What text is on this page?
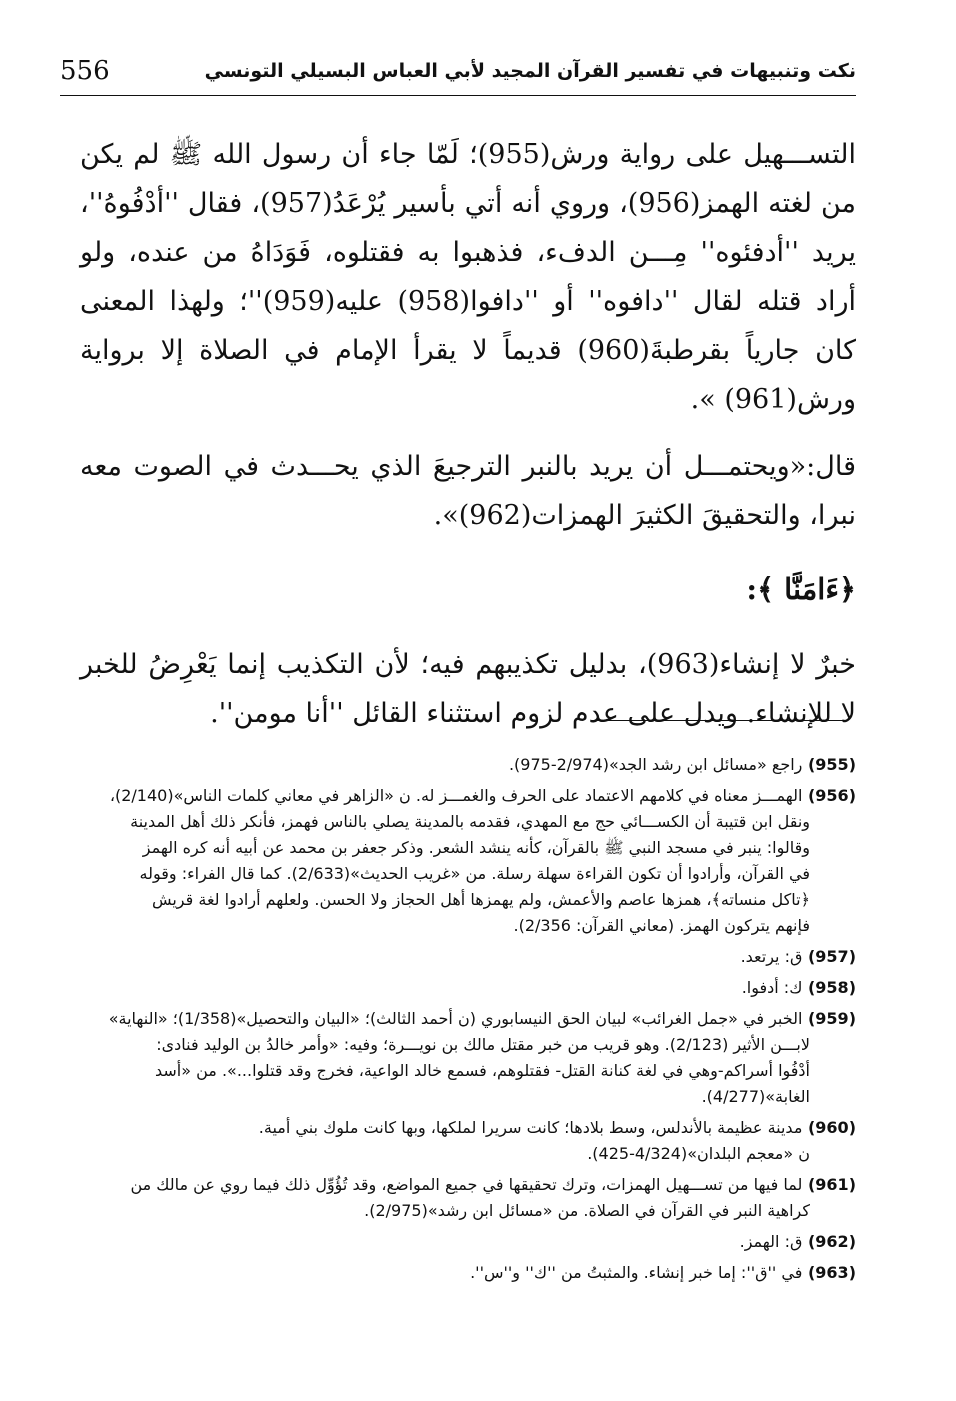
556	نكت وتنبيهات في تفسير القرآن المجيد لأبي العباس البسيلي التونسي

التســـهيل على رواية ورش(955)؛ لَمّا جاء أن رسول الله ﷺ لم يكن من لغته الهمز(956)، وروي أنه أتي بأسير يُرْعَدُ(957)، فقال ''أدْفُوهُ''، يريد ''أدفئوه'' مِـــن الدفء، فذهبوا به فقتلوه، فَوَدَاهُ من عنده، ولو أراد قتله لقال ''دافوه'' أو ''دافوا(958) عليه(959)''؛ ولهذا المعنى كان جارياً بقرطبةَ(960) قديماً لا يقرأ الإمام في الصلاة إلا برواية ورش(961) ».

قال:«ويحتمـــل أن يريد بالنبر الترجيعَ الذي يحـــدث في الصوت معه نبرا، والتحقيقَ الكثيرَ الهمزات(962)».

﴿ءَامَنَّا ﴾:

خبرٌ لا إنشاء(963)، بدليل تكذيبهم فيه؛ لأن التكذيب إنما يَعْرِضُ للخبر لا للإنشاء. ويدل على عدم لزوم استثناء القائل ''أنا مومن''.

(955) راجع «مسائل ابن رشد الجد»(2/974-975).
(956) الهمـــز معناه في كلامهم الاعتماد على الحرف والغمـــز له. ن «الزاهر في معاني كلمات الناس»(2/140)،
ونقل ابن قتيبة أن الكســـائي حج مع المهدي، فقدمه بالمدينة يصلي بالناس فهمز، فأنكر ذلك أهل المدينة
وقالوا: ينبر في مسجد النبي ﷺ بالقرآن، كأنه ينشد الشعر. وذكر جعفر بن محمد عن أبيه أنه كره الهمز
في القرآن، وأرادوا أن تكون القراءة سهلة رسلة. من «غريب الحديث»(2/633). كما قال الفراء: وقوله
﴿تاكل منساته﴾، همزها عاصم والأعمش، ولم يهمزها أهل الحجاز ولا الحسن. ولعلهم أرادوا لغة قريش
فإنهم يتركون الهمز. (معاني القرآن: 2/356).
(957) ق: يرتعد.
(958) ك: أدفوا.
(959) الخبر في «جمل الغرائب» لبيان الحق النيسابوري (ن أحمد الثالث)؛ «البيان والتحصيل»(1/358)؛ «النهاية»
لابـــن الأثير (2/123). وهو قريب من خبر مقتل مالك بن نويـــرة؛ وفيه: «وأمر خالدُ بن الوليد فنادى:
أدْفُوا أسراكم-وهي في لغة كنانة القتل- فقتلوهم، فسمع خالد الواعية، فخرج وقد قتلوا...». من «أسد
الغابة»(4/277).
(960) مدينة عظيمة بالأندلس، وسط بلادها؛ كانت سريرا لملكها، وبها كانت ملوك بني أمية.
ن «معجم البلدان»(4/324-425).
(961) لما فيها من تســـهيل الهمزات، وترك تحقيقها في جميع المواضع، وقد تُؤُوِّل ذلك فيما روي عن مالك من
كراهية النبر في القرآن في الصلاة. من «مسائل ابن رشد»(2/975).
(962) ق: الهمز.
(963) في ''ق'': إما خبر إنشاء. والمثبتُ من ''ك'' و''س''.
